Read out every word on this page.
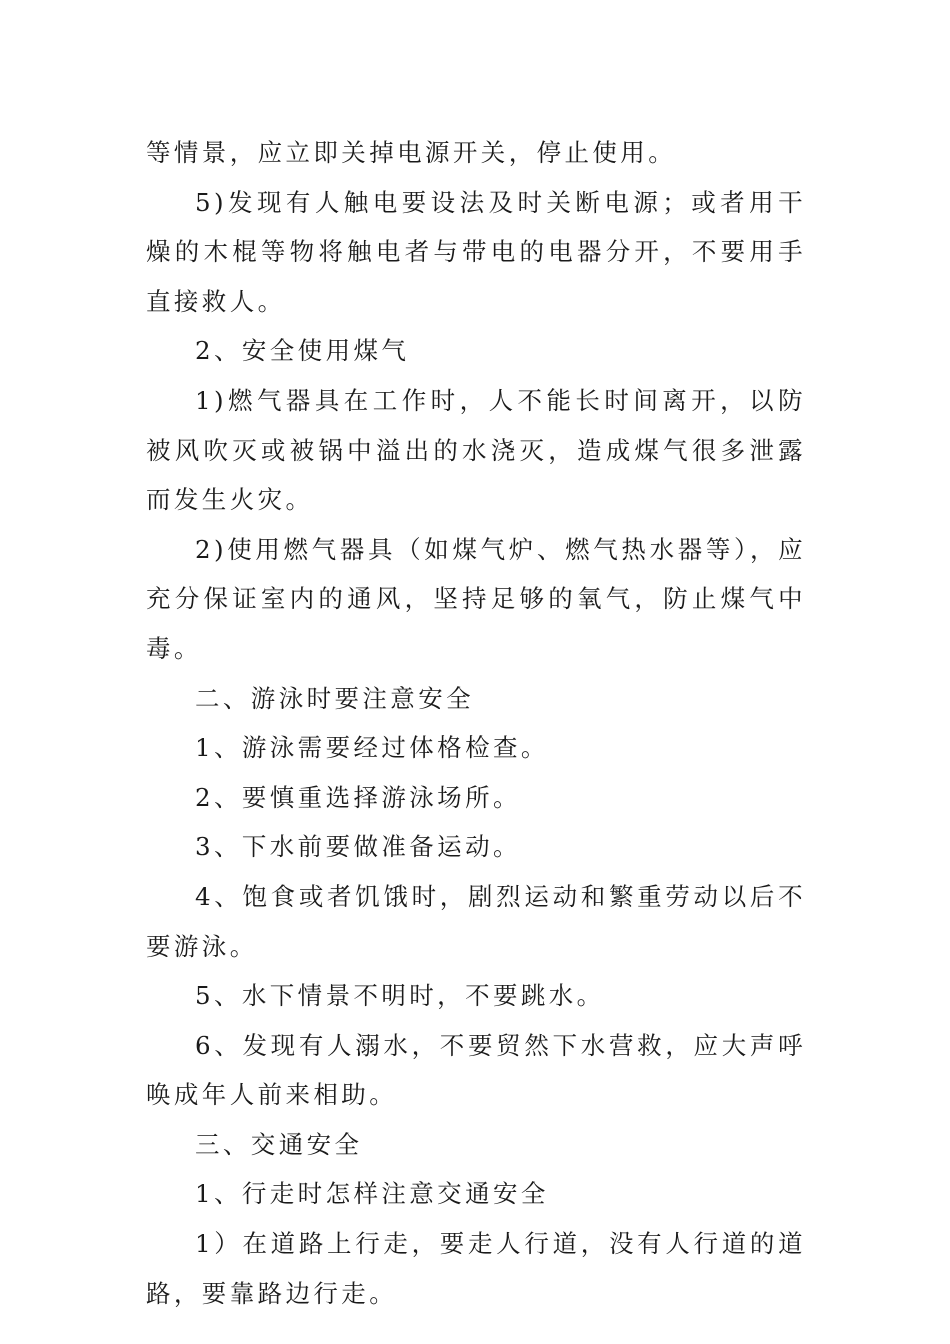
等情景，应立即关掉电源开关，停止使用。

5)发现有人触电要设法及时关断电源；或者用干燥的木棍等物将触电者与带电的电器分开，不要用手直接救人。

2、安全使用煤气

1)燃气器具在工作时，人不能长时间离开，以防被风吹灭或被锅中溢出的水浇灭，造成煤气很多泄露而发生火灾。

2)使用燃气器具（如煤气炉、燃气热水器等），应充分保证室内的通风，坚持足够的氧气，防止煤气中毒。

二、游泳时要注意安全

1、游泳需要经过体格检查。

2、要慎重选择游泳场所。

3、下水前要做准备运动。

4、饱食或者饥饿时，剧烈运动和繁重劳动以后不要游泳。

5、水下情景不明时，不要跳水。

6、发现有人溺水，不要贸然下水营救，应大声呼唤成年人前来相助。

三、交通安全

1、行走时怎样注意交通安全

1）在道路上行走，要走人行道，没有人行道的道路，要靠路边行走。
